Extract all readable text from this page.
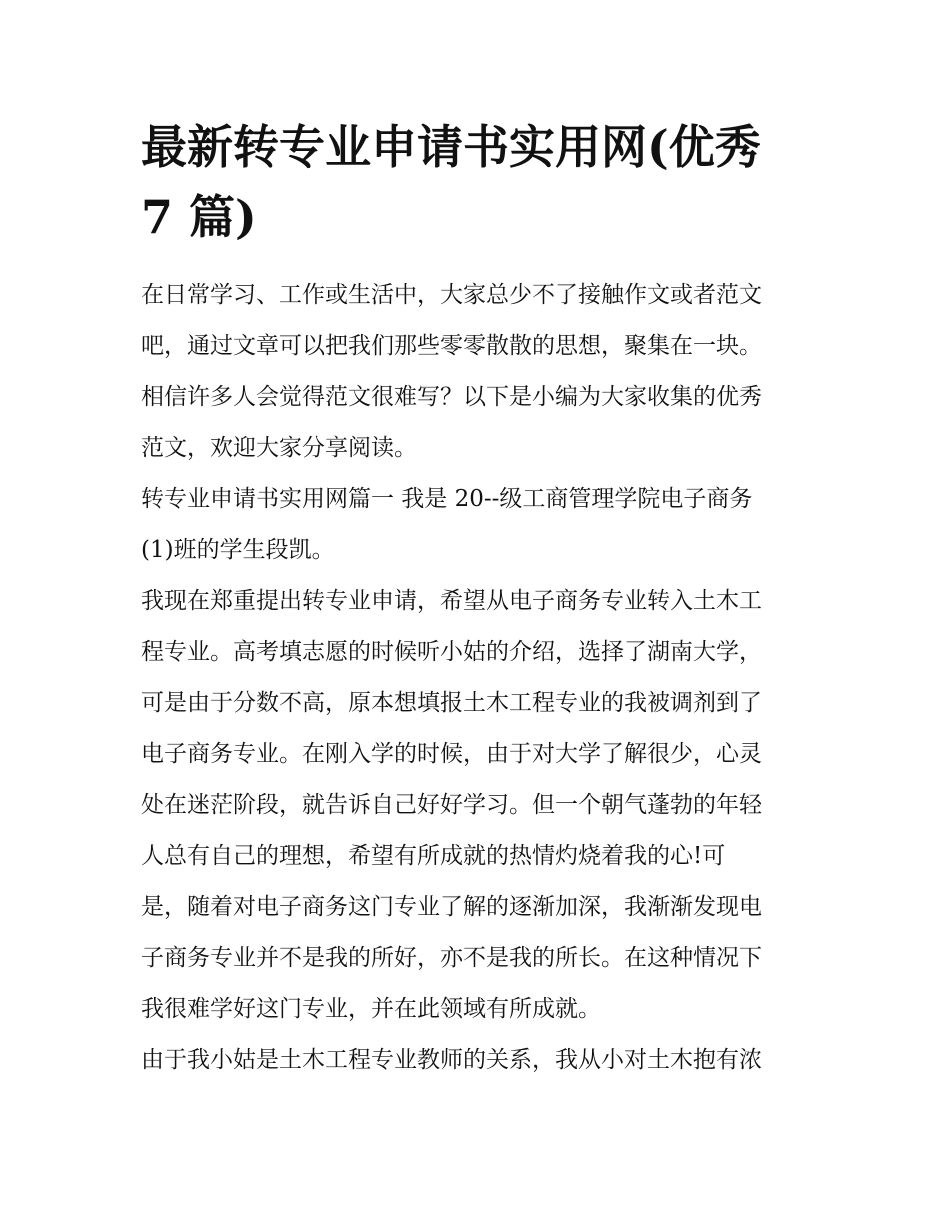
最新转专业申请书实用网(优秀
7 篇)

在日常学习、工作或生活中，大家总少不了接触作文或者范文
吧，通过文章可以把我们那些零零散散的思想，聚集在一块。
相信许多人会觉得范文很难写？以下是小编为大家收集的优秀
范文，欢迎大家分享阅读。

转专业申请书实用网篇一 我是 20--级工商管理学院电子商务
(1)班的学生段凯。

我现在郑重提出转专业申请，希望从电子商务专业转入土木工
程专业。高考填志愿的时候听小姑的介绍，选择了湖南大学，
可是由于分数不高，原本想填报土木工程专业的我被调剂到了
电子商务专业。在刚入学的时候，由于对大学了解很少，心灵
处在迷茫阶段，就告诉自己好好学习。但一个朝气蓬勃的年轻
人总有自己的理想，希望有所成就的热情灼烧着我的心!可
是，随着对电子商务这门专业了解的逐渐加深，我渐渐发现电
子商务专业并不是我的所好，亦不是我的所长。在这种情况下
我很难学好这门专业，并在此领域有所成就。

由于我小姑是土木工程专业教师的关系，我从小对土木抱有浓
